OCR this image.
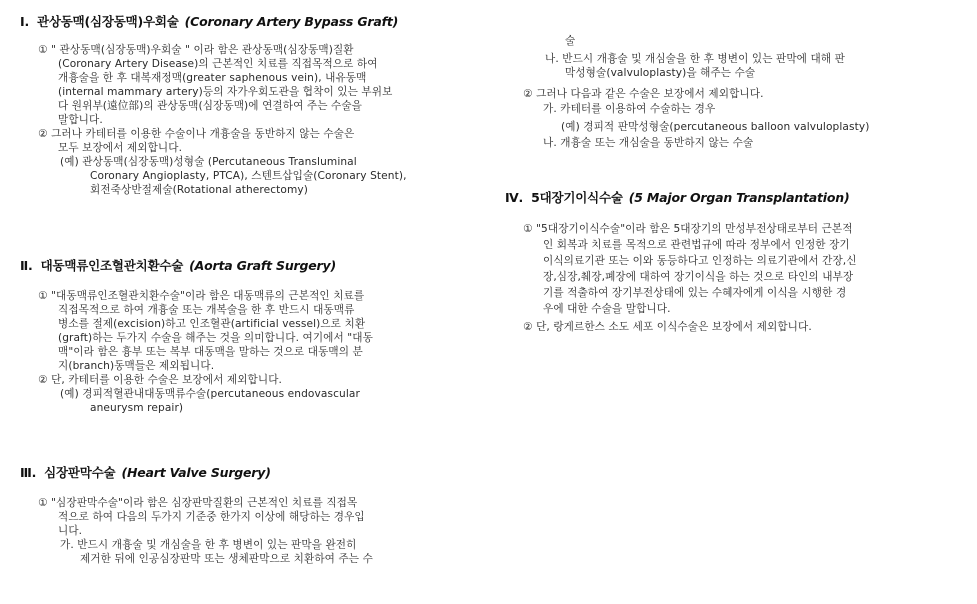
Ⅰ. 관상동맥(심장동맥)우회술 (Coronary Artery Bypass Graft)
① " 관상동맥(심장동맥)우회술 " 이라 함은 관상동맥(심장동맥)질환
(Coronary Artery Disease)의 근본적인 치료를 직접목적으로 하여
개흉술을 한 후 대복재정맥(greater saphenous vein), 내유동맥
(internal mammary artery)등의 자가우회도관을 협착이 있는 부위보
다 원위부(遠位部)의 관상동맥(심장동맥)에 연결하여 주는 수술을
말합니다.
② 그러나 카테터를 이용한 수술이나 개흉술을 동반하지 않는 수술은
모두 보장에서 제외합니다.
(예) 관상동맥(심장동맥)성형술 (Percutaneous Transluminal
Coronary Angioplasty, PTCA), 스텐트삽입술(Coronary Stent),
회전죽상반절제술(Rotational atherectomy)
Ⅱ. 대동맥류인조혈관치환수술 (Aorta Graft Surgery)
① "대동맥류인조혈관치환수술"이라 함은 대동맥류의 근본적인 치료를
직접목적으로 하여 개흉술 또는 개복술을 한 후 반드시 대동맥류
병소를 절제(excision)하고 인조혈관(artificial vessel)으로 치환
(graft)하는 두가지 수술을 해주는 것을 의미합니다. 여기에서 "대동
맥"이라 함은 흉부 또는 복부 대동맥을 말하는 것으로 대동맥의 분
지(branch)동맥들은 제외됩니다.
② 단, 카테터를 이용한 수술은 보장에서 제외합니다.
(예) 경피적혈관내대동맥류수술(percutaneous endovascular
aneurysm repair)
Ⅲ. 심장판막수술 (Heart Valve Surgery)
① "심장판막수술"이라 함은 심장판막질환의 근본적인 치료를 직접목
적으로 하여 다음의 두가지 기준중 한가지 이상에 해당하는 경우입
니다.
가. 반드시 개흉술 및 개심술을 한 후 병변이 있는 판막을 완전히
제거한 뒤에 인공심장판막 또는 생체판막으로 치환하여 주는 수
술
나. 반드시 개흉술 및 개심술을 한 후 병변이 있는 판막에 대해 판
막성형술(valvuloplasty)을 해주는 수술
② 그러나 다음과 같은 수술은 보장에서 제외합니다.
가. 카테터를 이용하여 수술하는 경우
(예) 경피적 판막성형술(percutaneous balloon valvuloplasty)
나. 개흉술 또는 개심술을 동반하지 않는 수술
Ⅳ. 5대장기이식수술 (5 Major Organ Transplantation)
① "5대장기이식수술"이라 함은 5대장기의 만성부전상태로부터 근본적
인 회복과 치료를 목적으로 관련법규에 따라 정부에서 인정한 장기
이식의료기관 또는 이와 동등하다고 인정하는 의료기관에서 간장,신
장,심장,췌장,폐장에 대하여 장기이식을 하는 것으로 타인의 내부장
기를 적출하여 장기부전상태에 있는 수혜자에게 이식을 시행한 경
우에 대한 수술을 말합니다.
② 단, 랑게르한스 소도 세포 이식수술은 보장에서 제외합니다.
